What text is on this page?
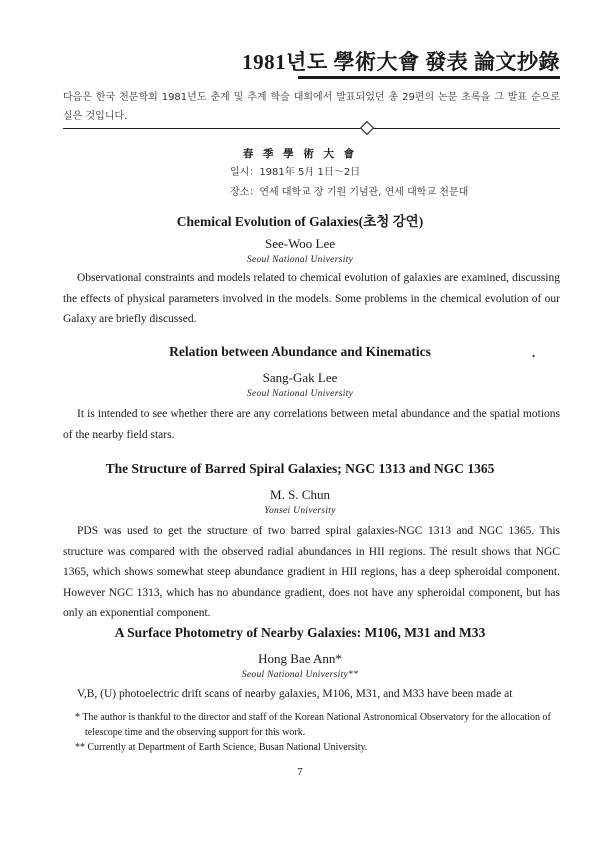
1981년도 學術大會 發表 論文抄錄
다음은 한국 천문학회 1981년도 춘계 및 추계 학술 대회에서 발표되었던 총 29편의 논문 초록을 그 발표 순으로 실은 것입니다.
春 季 學 術 大 會
일시：1981年 5月 1日～2日
장소：연세 대학교 장 기원 기념관, 연세 대학교 천문대
Chemical Evolution of Galaxies(초청 강연)
See-Woo Lee
Seoul National University
Observational constraints and models related to chemical evolution of galaxies are examined, discussing the effects of physical parameters involved in the models. Some problems in the chemical evolution of our Galaxy are briefly discussed.
Relation between Abundance and Kinematics	.
Sang-Gak Lee
Seoul National University
It is intended to see whether there are any correlations between metal abundance and the spatial motions of the nearby field stars.
The Structure of Barred Spiral Galaxies; NGC 1313 and NGC 1365
M. S. Chun
Yonsei University
PDS was used to get the structure of two barred spiral galaxies-NGC 1313 and NGC 1365. This structure was compared with the observed radial abundances in HII regions. The result shows that NGC 1365, which shows somewhat steep abundance gradient in HII regions, has a deep spheroidal component. However NGC 1313, which has no abundance gradient, does not have any spheroidal component, but has only an exponential component.
A Surface Photometry of Nearby Galaxies: M106, M31 and M33
Hong Bae Ann*
Seoul National University**
V,B, (U) photoelectric drift scans of nearby galaxies, M106, M31, and M33 have been made at
* The author is thankful to the director and staff of the Korean National Astronomical Observatory for the allocation of telescope time and the observing support for this work.
** Currently at Department of Earth Science, Busan National University.
7
